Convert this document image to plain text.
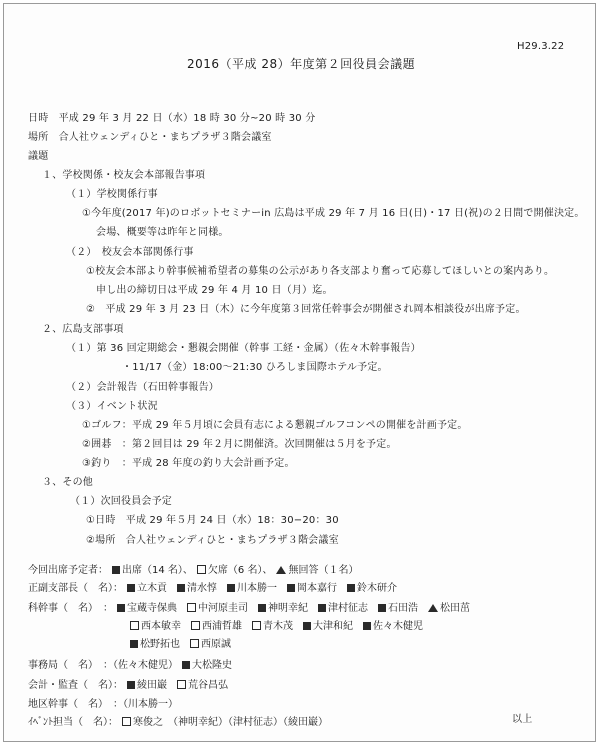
H29.3.22
2016（平成 28）年度第２回役員会議題
日時　平成 29 年 3 月 22 日（水）18 時 30 分~20 時 30 分
場所　合人社ウェンディひと・まちプラザ３階会議室
議題
１、学校関係・校友会本部報告事項
（１）学校関係行事
①今年度(2017 年)のロボットセミナーin 広島は平成 29 年 7 月 16 日(日)・17 日(祝)の２日間で開催決定。
会場、概要等は昨年と同様。
（２）　校友会本部関係行事
①校友会本部より幹事候補希望者の募集の公示があり各支部より奮って応募してほしいとの案内あり。
申し出の締切日は平成 29 年 4 月 10 日（月）迄。
②　平成 29 年 3 月 23 日（木）に今年度第３回常任幹事会が開催され岡本相談役が出席予定。
２、広島支部事項
（１）第 36 回定期総会・懇親会開催（幹事 工経・金属）（佐々木幹事報告）
・11/17（金）18:00～21:30 ひろしま国際ホテル予定。
（２）会計報告（石田幹事報告）
（３）イベント状況
①ゴルフ：平成 29 年５月頃に会員有志による懇親ゴルフコンペの開催を計画予定。
②囲碁　：第２回目は 29 年２月に開催済。次回開催は５月を予定。
③釣り　：平成 28 年度の釣り大会計画予定。
３、その他
（１）次回役員会予定
①日時　平成 29 年５月 24 日（水）18：30−20：30
②場所　合人社ウェンディひと・まちプラザ３階会議室
今回出席予定者： 出席（14 名）、 欠席（6 名）、 無回答（１名）
正副支部長（　名）： 立木貢 清水惇 川本勝一 岡本嘉行 鈴木研介
科幹事（　名）　： 宝蔵寺保典 中河原圭司 神明幸紀 津村征志 石田浩 松田茁
西本敏幸 西浦哲雄 青木茂 大津和紀 佐々木健児
松野拓也 西原誠
事務局（　名）　：（佐々木健児） 大松隆史
会計・監査（　名）： 綾田巌 荒谷昌弘
地区幹事（　名）　：（川本勝一）
ｲﾍﾞﾝﾄ担当（　名）： 寒俊之　（神明幸紀）（津村征志）（綾田巌）	以上
